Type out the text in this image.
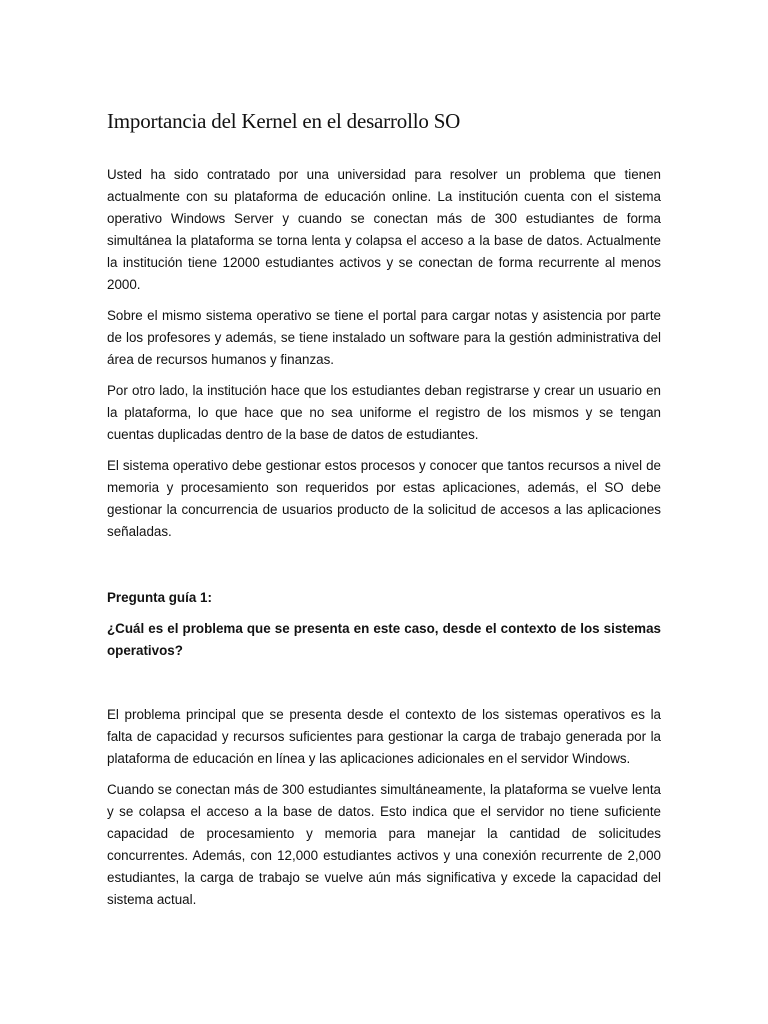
Importancia del Kernel en el desarrollo SO

Usted ha sido contratado por una universidad para resolver un problema que tienen actualmente con su plataforma de educación online. La institución cuenta con el sistema operativo Windows Server y cuando se conectan más de 300 estudiantes de forma simultánea la plataforma se torna lenta y colapsa el acceso a la base de datos. Actualmente la institución tiene 12000 estudiantes activos y se conectan de forma recurrente al menos 2000.

Sobre el mismo sistema operativo se tiene el portal para cargar notas y asistencia por parte de los profesores y además, se tiene instalado un software para la gestión administrativa del área de recursos humanos y finanzas.

Por otro lado, la institución hace que los estudiantes deban registrarse y crear un usuario en la plataforma, lo que hace que no sea uniforme el registro de los mismos y se tengan cuentas duplicadas dentro de la base de datos de estudiantes.

El sistema operativo debe gestionar estos procesos y conocer que tantos recursos a nivel de memoria y procesamiento son requeridos por estas aplicaciones, además, el SO debe gestionar la concurrencia de usuarios producto de la solicitud de accesos a las aplicaciones señaladas.

Pregunta guía 1:

¿Cuál es el problema que se presenta en este caso, desde el contexto de los sistemas operativos?

El problema principal que se presenta desde el contexto de los sistemas operativos es la falta de capacidad y recursos suficientes para gestionar la carga de trabajo generada por la plataforma de educación en línea y las aplicaciones adicionales en el servidor Windows.

Cuando se conectan más de 300 estudiantes simultáneamente, la plataforma se vuelve lenta y se colapsa el acceso a la base de datos. Esto indica que el servidor no tiene suficiente capacidad de procesamiento y memoria para manejar la cantidad de solicitudes concurrentes. Además, con 12,000 estudiantes activos y una conexión recurrente de 2,000 estudiantes, la carga de trabajo se vuelve aún más significativa y excede la capacidad del sistema actual.
